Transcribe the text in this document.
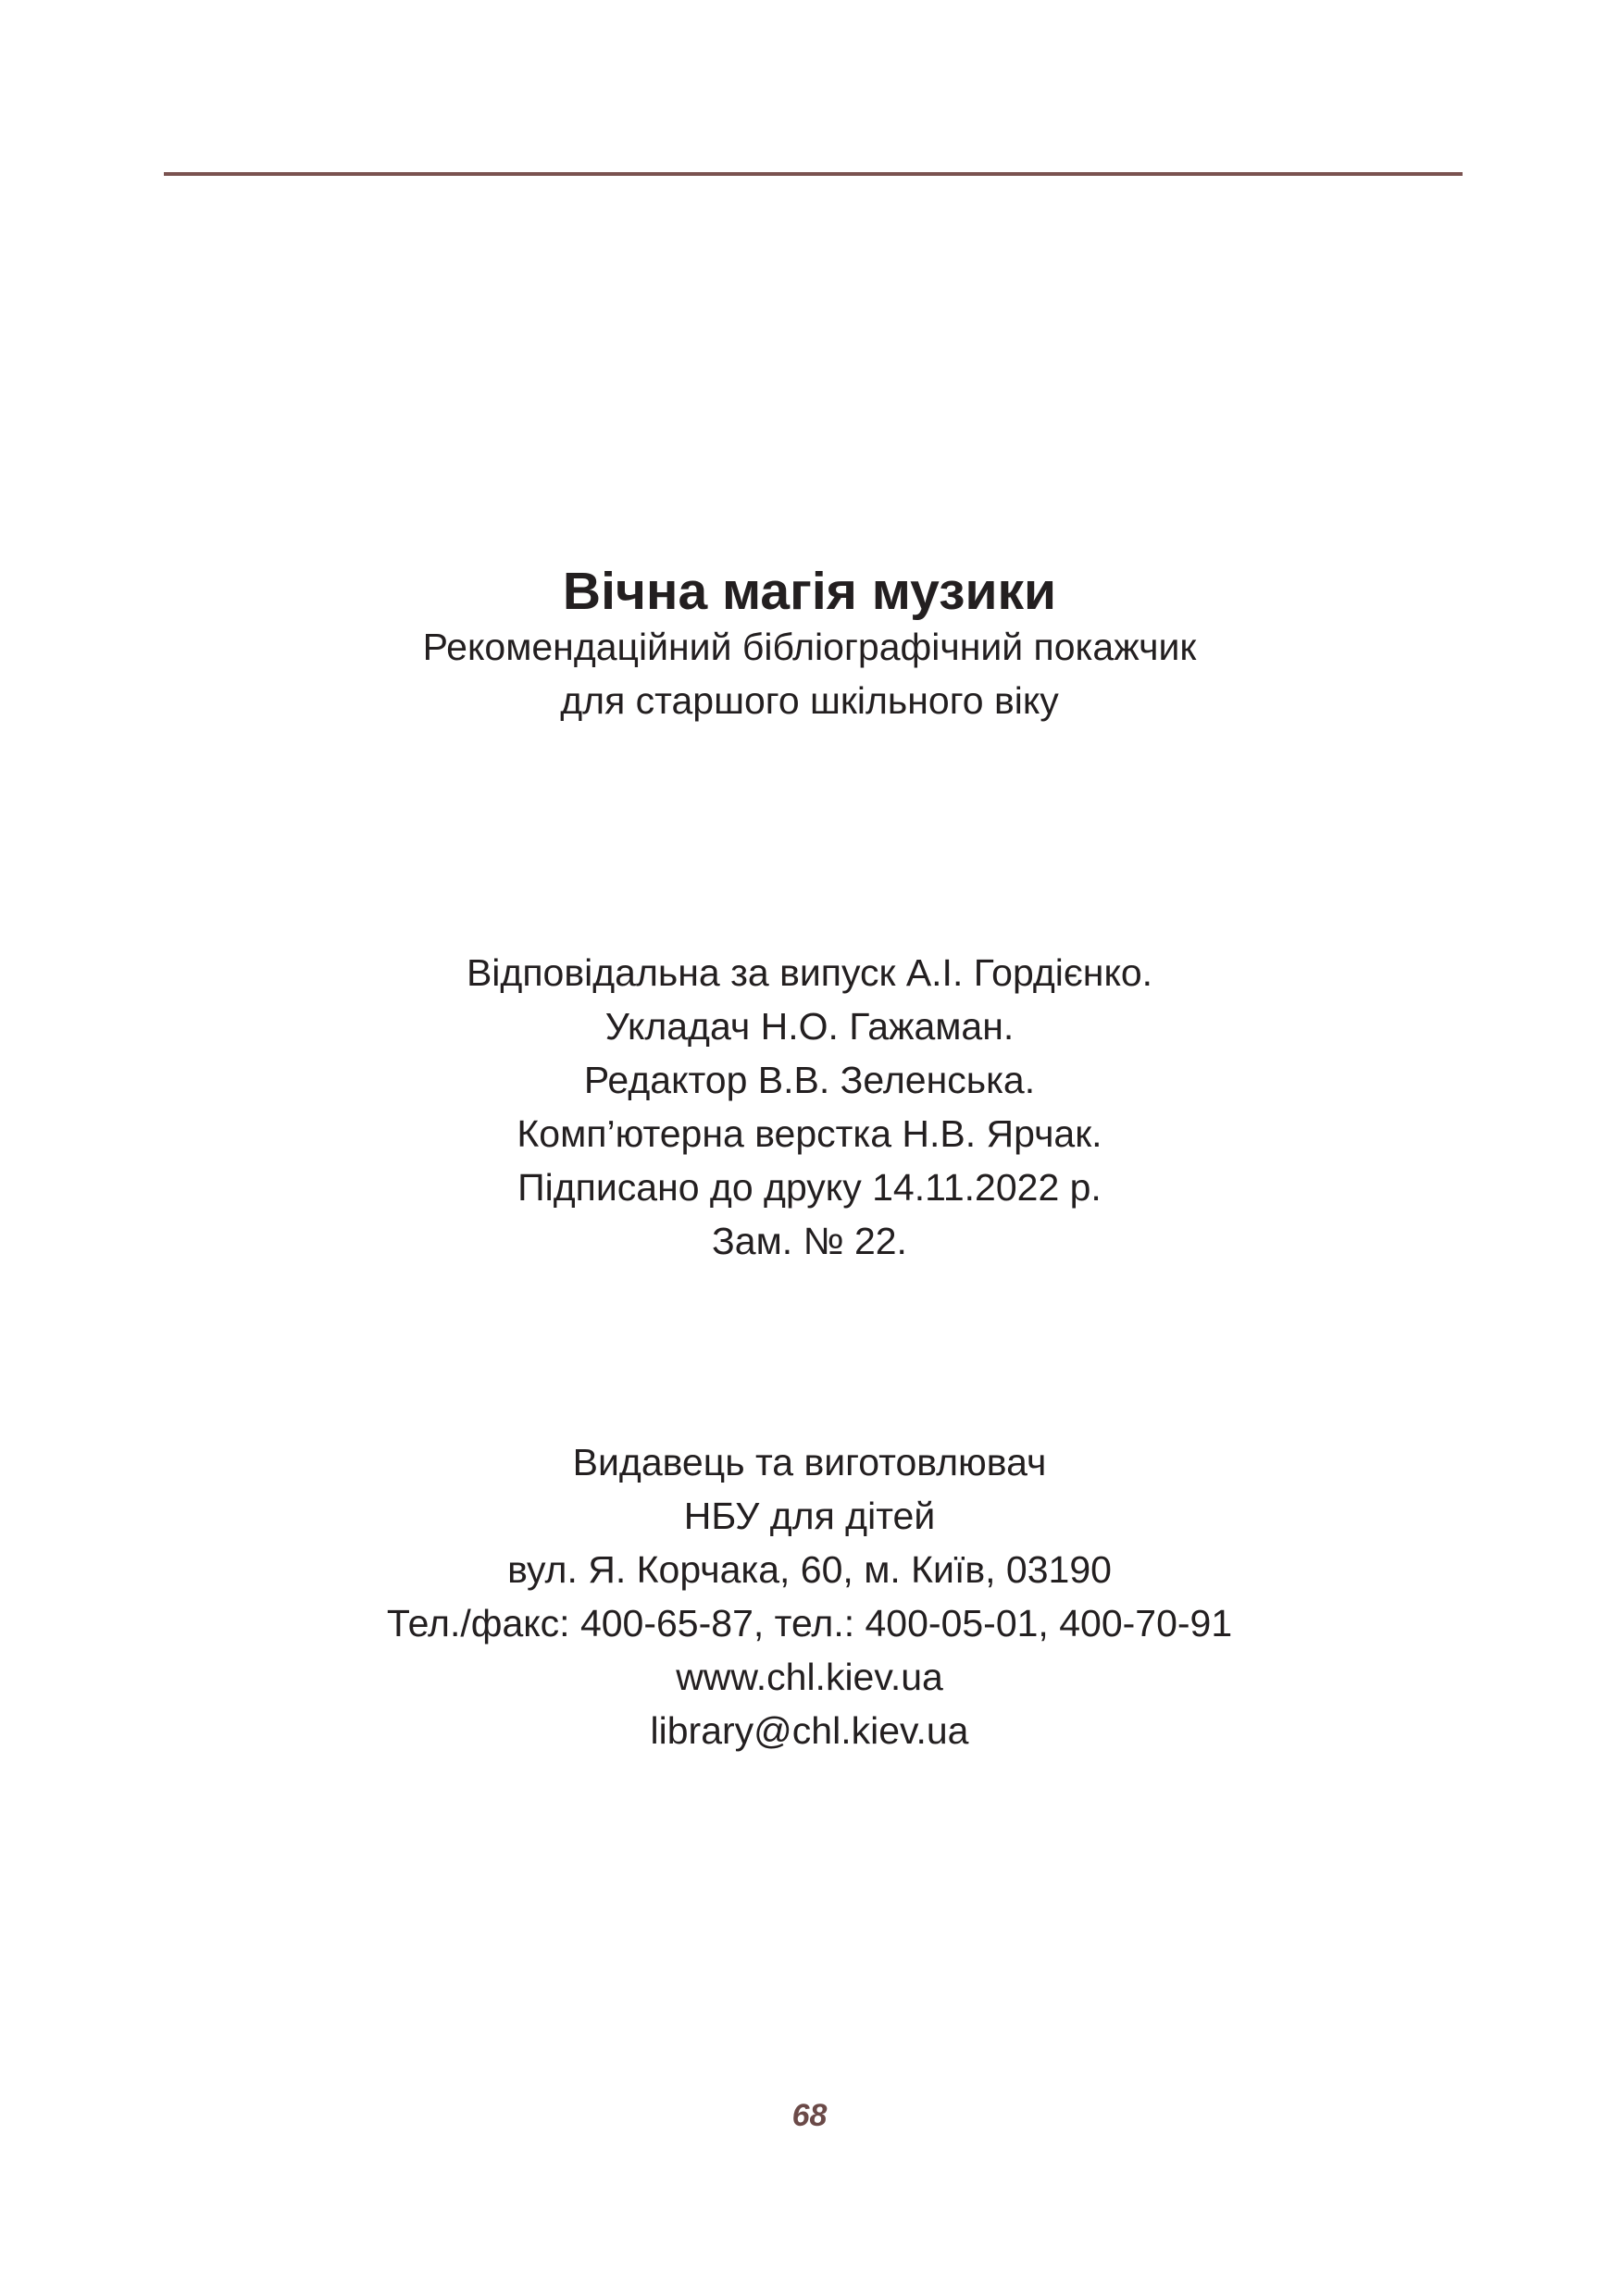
Вічна магія музики
Рекомендаційний бібліографічний покажчик
для старшого шкільного віку
Відповідальна за випуск А.І. Гордієнко.
Укладач Н.О. Гажаман.
Редактор В.В. Зеленська.
Комп’ютерна верстка Н.В. Ярчак.
Підписано до друку 14.11.2022 р.
Зам. № 22.
Видавець та виготовлювач
НБУ для дітей
вул. Я. Корчака, 60, м. Київ, 03190
Тел./факс: 400-65-87, тел.: 400-05-01, 400-70-91
www.chl.kiev.ua
library@chl.kiev.ua
68
